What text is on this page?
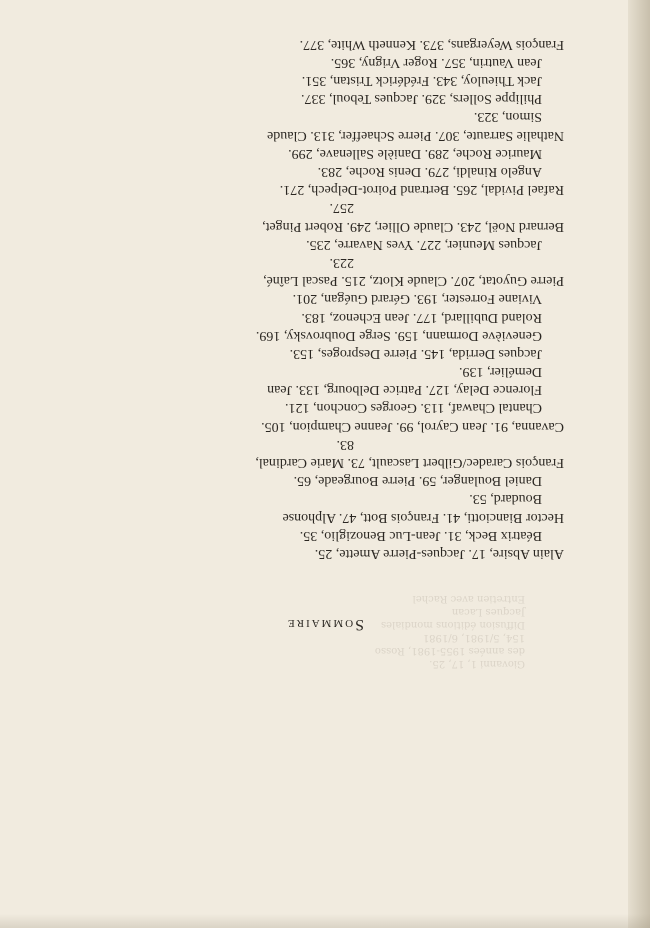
Giovanni 1, 17, 25.
des années 1955-1981, Rosso
154, 5/1981, 6/1981
Diffusion éditions mondiales
Jacques Lacan
Entretien avec Rachel
Sommaire
Alain Absire, 17. Jacques-Pierre Amette, 25.
Béatrix Beck, 31. Jean-Luc Benoziglio, 35.
Hector Bianciotti, 41. François Bott, 47. Alphonse
Boudard, 53.
Daniel Boulanger, 59. Pierre Bourgeade, 65.
François Caradec/Gilbert Lascault, 73. Marie Cardinal,
83.
Cavanna, 91. Jean Cayrol, 99. Jeanne Champion, 105.
Chantal Chawaf, 113. Georges Conchon, 121.
Florence Delay, 127. Patrice Delbourg, 133. Jean
Demélier, 139.
Jacques Derrida, 145. Pierre Desproges, 153.
Geneviève Dormann, 159. Serge Doubrovsky, 169.
Roland Dubillard, 177. Jean Echenoz, 183.
Viviane Forrester, 193. Gérard Guégan, 201.
Pierre Guyotat, 207. Claude Klotz, 215. Pascal Laîné,
223.
Jacques Meunier, 227. Yves Navarre, 235.
Bernard Noël, 243. Claude Ollier, 249. Robert Pinget,
257.
Rafael Pividal, 265. Bertrand Poirot-Delpech, 271.
Angelo Rinaldi, 279. Denis Roche, 283.
Maurice Roche, 289. Danièle Sallenave, 299.
Nathalie Sarraute, 307. Pierre Schaeffer, 313. Claude
Simon, 323.
Philippe Sollers, 329. Jacques Teboul, 337.
Jack Thieuloy, 343. Frédérick Tristan, 351.
Jean Vautrin, 357. Roger Vrigny, 365.
François Weyergans, 373. Kenneth White, 377.
